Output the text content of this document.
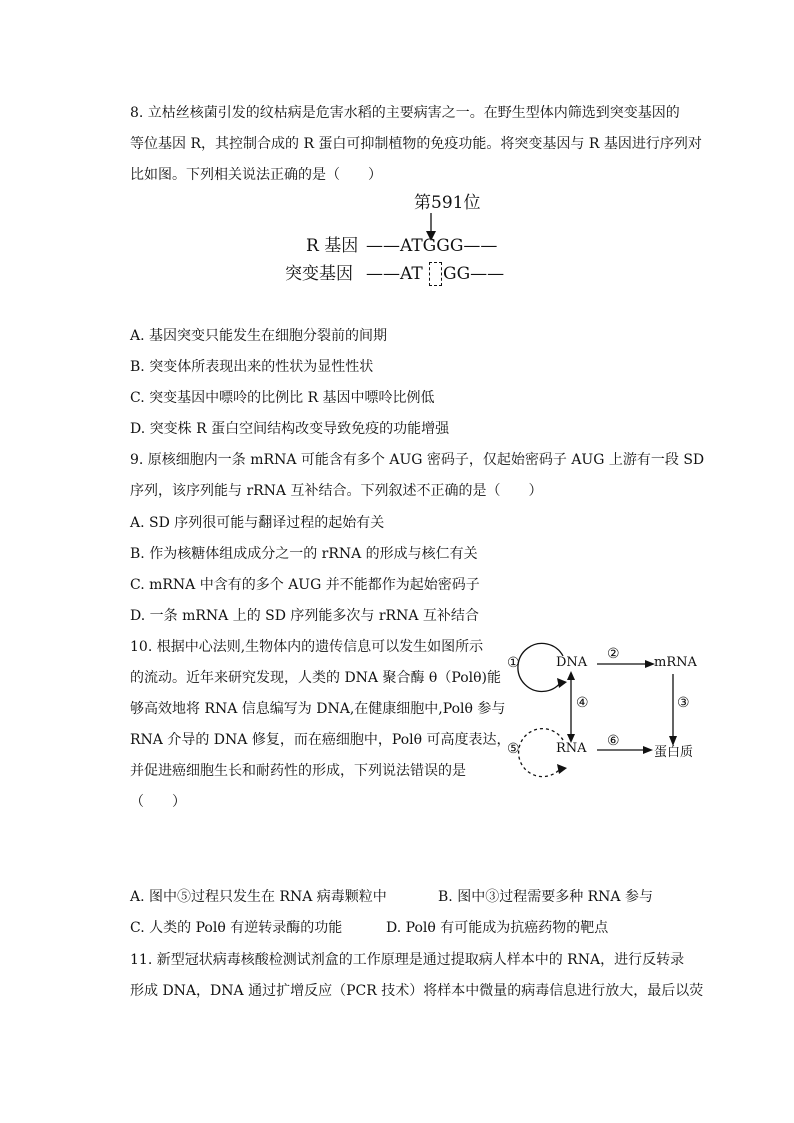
8. 立枯丝核菌引发的纹枯病是危害水稻的主要病害之一。在野生型体内筛选到突变基因的
等位基因 R，其控制合成的 R 蛋白可抑制植物的免疫功能。将突变基因与 R 基因进行序列对
比如图。下列相关说法正确的是（　　）
第591位
R 基因 ——ATGGG——
突变基因 ——AT GG——
A. 基因突变只能发生在细胞分裂前的间期
B. 突变体所表现出来的性状为显性性状
C. 突变基因中嘌呤的比例比 R 基因中嘌呤比例低
D. 突变株 R 蛋白空间结构改变导致免疫的功能增强
9. 原核细胞内一条 mRNA 可能含有多个 AUG 密码子，仅起始密码子 AUG 上游有一段 SD
序列，该序列能与 rRNA 互补结合。下列叙述不正确的是（　　）
A. SD 序列很可能与翻译过程的起始有关
B. 作为核糖体组成成分之一的 rRNA 的形成与核仁有关
C. mRNA 中含有的多个 AUG 并不能都作为起始密码子
D. 一条 mRNA 上的 SD 序列能多次与 rRNA 互补结合
10. 根据中心法则,生物体内的遗传信息可以发生如图所示
的流动。近年来研究发现，人类的 DNA 聚合酶 θ（Polθ)能
够高效地将 RNA 信息编写为 DNA,在健康细胞中,Polθ 参与
RNA 介导的 DNA 修复，而在癌细胞中，Polθ 可高度表达，
并促进癌细胞生长和耐药性的形成，下列说法错误的是
（　　）
DNA	mRNA
RNA	蛋白质
①
②
③
④
⑤	⑥
A. 图中⑤过程只发生在 RNA 病毒颗粒中	B. 图中③过程需要多种 RNA 参与
C. 人类的 Polθ 有逆转录酶的功能	D. Polθ 有可能成为抗癌药物的靶点
11. 新型冠状病毒核酸检测试剂盒的工作原理是通过提取病人样本中的 RNA，进行反转录
形成 DNA，DNA 通过扩增反应（PCR 技术）将样本中微量的病毒信息进行放大，最后以荧
